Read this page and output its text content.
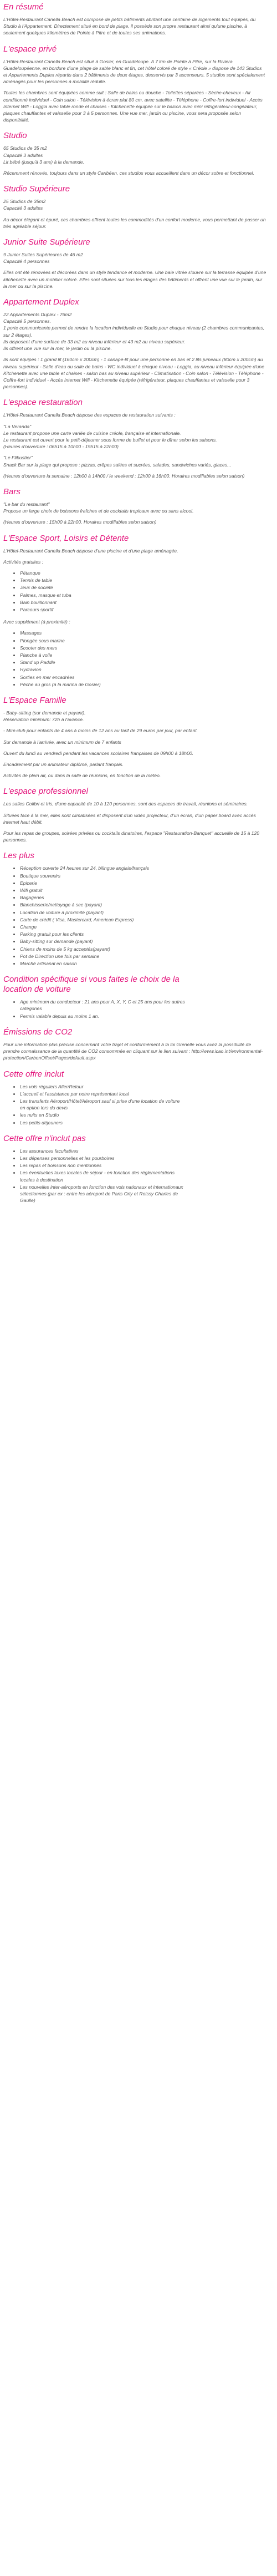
En résumé

L'Hôtel-Restaurant Canella Beach est composé de petits bâtiments abritant une centaine de logements tout équipés, du Studio à l'Appartement. Directement situé en bord de plage, il possède son propre restaurant ainsi qu'une piscine, à seulement quelques kilomètres de Pointe à Pitre et de toutes ses animations.

L'espace privé

L'Hôtel-Restaurant Canella Beach est situé à Gosier, en Guadeloupe. A 7 km de Pointe à Pitre, sur la Riviera Guadeloupéenne, en bordure d'une plage de sable blanc et fin, cet hôtel coloré de style « Créole » dispose de 143 Studios et Appartements Duplex répartis dans 2 bâtiments de deux étages, desservis par 3 ascenseurs. 5 studios sont spécialement aménagés pour les personnes à mobilité réduite.

Toutes les chambres sont équipées comme suit : Salle de bains ou douche - Toilettes séparées - Sèche-cheveux - Air conditionné individuel - Coin salon - Télévision à écran plat 80 cm, avec satellite - Téléphone - Coffre-fort individuel - Accès Internet Wifi - Loggia avec table ronde et chaises - Kitchenette équipée sur le balcon avec mini réfrigérateur-congélateur, plaques chauffantes et vaisselle pour 3 à 5 personnes. Une vue mer, jardin ou piscine, vous sera proposée selon disponibilité.

Studio
65 Studios de 35 m2
Capacité 3 adultes
Lit bébé (jusqu'à 3 ans) à la demande.

Récemment rénovés, toujours dans un style Caribéen, ces studios vous accueillent dans un décor sobre et fonctionnel.

Studio Supérieure
25 Studios de 35m2
Capacité 3 adultes

Au décor élégant et épuré, ces chambres offrent toutes les commodités d'un confort moderne, vous permettant de passer un très agréable séjour.

Junior Suite Supérieure
9 Junior Suites Supérieures de 46 m2
Capacité 4 personnes

Elles ont été rénovées et décorées dans un style tendance et moderne. Une baie vitrée s'ouvre sur la terrasse équipée d'une kitchenette avec un mobilier coloré. Elles sont situées sur tous les étages des bâtiments et offrent une vue sur le jardin, sur la mer ou sur la piscine.

Appartement Duplex
22 Appartements Duplex - 76m2
Capacité 5 personnes.
1 porte communicante permet de rendre la location individuelle en Studio pour chaque niveau (2 chambres communicantes, sur 2 étages).
Ils disposent d'une surface de 33 m2 au niveau inférieur et 43 m2 au niveau supérieur.
Ils offrent une vue sur la mer, le jardin ou la piscine.

Ils sont équipés : 1 grand lit (160cm x 200cm) - 1 canapé-lit pour une personne en bas et 2 lits jumeaux (80cm x 200cm) au niveau supérieur - Salle d'eau ou salle de bains - WC individuel à chaque niveau - Loggia, au niveau inférieur équipée d'une Kitchenette avec une table et chaises - salon bas au niveau supérieur - Climatisation - Coin salon - Télévision - Téléphone - Coffre-fort individuel - Accès Internet Wifi - Kitchenette équipée (réfrigérateur, plaques chauffantes et vaisselle pour 3 personnes).

L'espace restauration

L'Hôtel-Restaurant Canella Beach dispose des espaces de restauration suivants :

"La Veranda"
Le restaurant propose une carte variée de cuisine créole, française et internationale.
Le restaurant est ouvert pour le petit-déjeuner sous forme de buffet et pour le dîner selon les saisons.
(Heures d'ouverture : 06h15 à 10h00 - 19h15 à 22h00)
"Le Flibustier"
Snack Bar sur la plage qui propose : pizzas, crêpes salées et sucrées, salades, sandwiches variés, glaces...

(Heures d'ouverture la semaine : 12h00 à 14h00 / le weekend : 12h00 à 16h00. Horaires modifiables selon saison)

Bars
"Le bar du restaurant"
Propose un large choix de boissons fraîches et de cocktails tropicaux avec ou sans alcool.

(Heures d'ouverture : 15h00 à 22h00. Horaires modifiables selon saison)

L'Espace Sport, Loisirs et Détente

L'Hôtel-Restaurant Canella Beach dispose d'une piscine et d'une plage aménagée.

Activités gratuites :

• Pétanque
• Tennis de table
• Jeux de société
• Palmes, masque et tuba
• Bain bouillonnant
• Parcours sportif

Avec supplément (à proximité) :

• Massages
• Plongée sous marine
• Scooter des mers
• Planche à voile
• Stand up Paddle
• Hydravion
• Sorties en mer encadrées
• Pêche au gros (à la marina de Gosier)
L'Espace Famille
- Baby-sitting (sur demande et payant).
Réservation minimum: 72h à l'avance.

- Mini-club pour enfants de 4 ans à moins de 12 ans au tarif de 29 euros par jour, par enfant.

Sur demande à l'arrivée, avec un minimum de 7 enfants

Ouvert du lundi au vendredi pendant les vacances scolaires françaises de 09h00 à 18h00.

Encadrement par un animateur diplômé, parlant français.

Activités de plein air, ou dans la salle de réunions, en fonction de la météo.

L'espace professionnel

Les salles Colibri et Iris, d'une capacité de 10 à 120 personnes, sont des espaces de travail, réunions et séminaires.

Situées face à la mer, elles sont climatisées et disposent d'un vidéo projecteur, d'un écran, d'un paper board avec accès internet haut débit.

Pour les repas de groupes, soirées privées ou cocktails dinatoires, l'espace "Restauration-Banquet" accueille de 15 à 120 personnes.

Les plus
• Réception ouverte 24 heures sur 24, bilingue anglais/français
• Boutique souvenirs
• Epicerie
• Wifi gratuit
• Bagageries
• Blanchisserie/nettoyage à sec (payant)
• Location de voiture à proximité (payant)
• Carte de crédit ( Visa, Mastercard, American Express)
• Change
• Parking gratuit pour les clients
• Baby-sitting sur demande (payant)
• Chiens de moins de 5 kg acceptés(payant)
• Pot de Direction une fois par semaine
• Marché artisanal en saison
Condition spécifique si vous faites le choix de la location de voiture
• Age minimum du conducteur : 21 ans pour A, X, Y, C et 25 ans pour les autres catégories
• Permis valable depuis au moins 1 an.
Émissions de CO2

Pour une information plus précise concernant votre trajet et conformément à la loi Grenelle vous avez la possibilité de prendre connaissance de la quantité de CO2 consommée en cliquant sur le lien suivant : http://www.icao.int/environmental-protection/CarbonOffset/Pages/default.aspx

Cette offre inclut
• Les vols réguliers Aller/Retour
• L'accueil et l'assistance par notre représentant local
• Les transferts Aéroport/Hôtel/Aéroport sauf si prise d'une location de voiture en option lors du devis
• les nuits en Studio
• Les petits déjeuners
Cette offre n'inclut pas
• Les assurances facultatives
• Les dépenses personnelles et les pourboires
• Les repas et boissons non mentionnés
• Les éventuelles taxes locales de séjour - en fonction des réglementations locales à destination
• Les nouvelles inter-aéroports en fonction des vols nationaux et internationaux sélectionnes (par ex : entre les aéroport de Paris Orly et Roissy Charles de Gaulle)
